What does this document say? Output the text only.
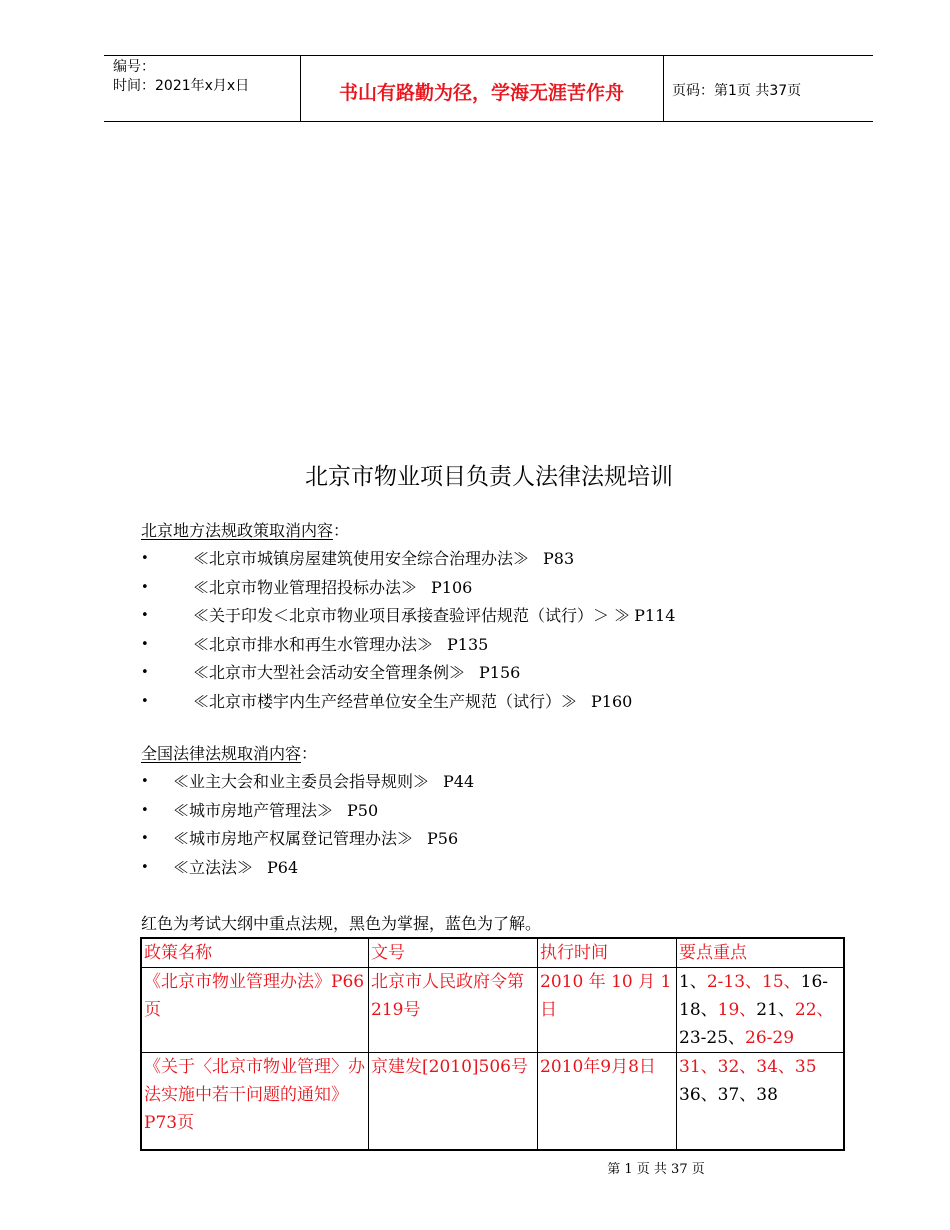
编号：
时间：2021年x月x日	书山有路勤为径，学海无涯苦作舟	页码：第1页 共37页
北京市物业项目负责人法律法规培训
北京地方法规政策取消内容：
•	≪北京市城镇房屋建筑使用安全综合治理办法≫ P83
•	≪北京市物业管理招投标办法≫ P106
•	≪关于印发＜北京市物业项目承接查验评估规范（试行）＞ ≫ P114
•	≪北京市排水和再生水管理办法≫ P135
•	≪北京市大型社会活动安全管理条例≫ P156
•	≪北京市楼宇内生产经营单位安全生产规范（试行）≫ P160
全国法律法规取消内容：
• ≪业主大会和业主委员会指导规则≫ P44
• ≪城市房地产管理法≫ P50
• ≪城市房地产权属登记管理办法≫ P56
• ≪立法法≫ P64
红色为考试大纲中重点法规，黑色为掌握，蓝色为了解。
政策名称	文号	执行时间	要点重点
《北京市物业管理办法》P66页	北京市人民政府令第219号	2010 年 10 月 1 日	1、2-13、15、16-18、19、21、22、23-25、26-29
《关于〈北京市物业管理〉办法实施中若干问题的通知》P73页	京建发[2010]506号	2010年9月8日	31、32、34、35
36、37、38
第 1 页 共 37 页
